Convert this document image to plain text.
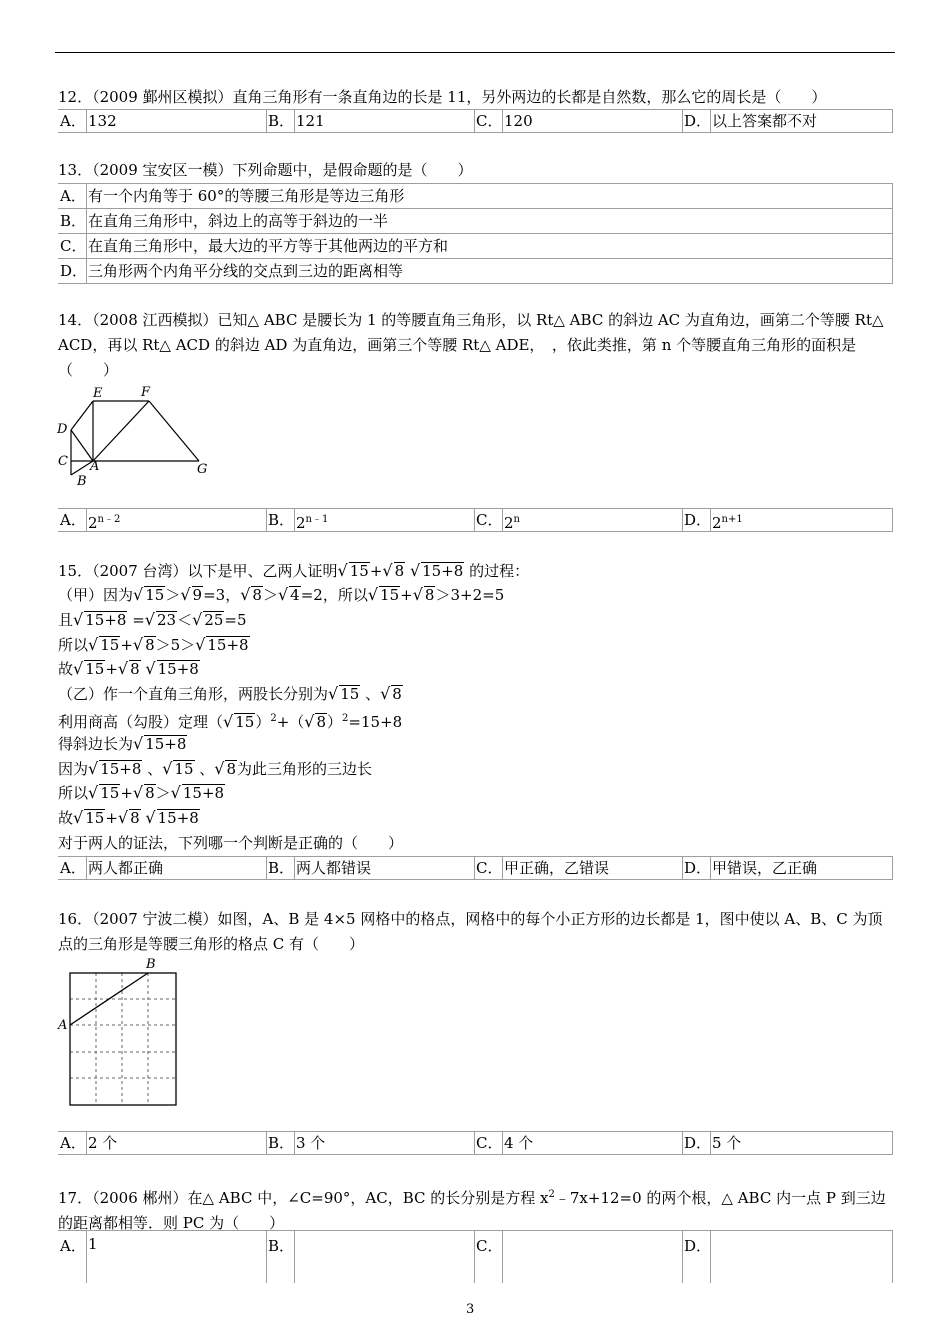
12．（2009 鄞州区模拟）直角三角形有一条直角边的长是 11，另外两边的长都是自然数，那么它的周长是（　　）
A． 132	B． 121	C． 120	D． 以上答案都不对
13．（2009 宝安区一模）下列命题中，是假命题的是（　　）
A． 有一个内角等于 60°的等腰三角形是等边三角形
B． 在直角三角形中，斜边上的高等于斜边的一半
C． 在直角三角形中，最大边的平方等于其他两边的平方和
D． 三角形两个内角平分线的交点到三边的距离相等
14．（2008 江西模拟）已知△ ABC 是腰长为 1 的等腰直角三角形，以 Rt△ ABC 的斜边 AC 为直角边，画第二个等腰 Rt△ ACD，再以 Rt△ ACD 的斜边 AD 为直角边，画第三个等腰 Rt△ ADE，　，依此类推，第 n 个等腰直角三角形的面积是（　　）
E	F
D
C A
B
G
A． $2^{n﹣2}$	B． $2^{n﹣1}$	C． 2$^n$	D． $2^{n+1}$
15．（2007 台湾）以下是甲、乙两人证明√ 15+√ 8 √ 15+8 的过程：
（甲）因为√ 15＞√ 9=3，√ 8＞√ 4=2，所以√ 15+√ 8＞3+2=5
且√ 15+8 =√ 23＜√ 25=5
所以√ 15+√ 8＞5＞√ 15+8
故√ 15+√ 8 √ 15+8
（乙）作一个直角三角形，两股长分别为√ 15 、√ 8
利用商高（勾股）定理（√ 15）$^2$+（√ 8）$^2$=15+8
得斜边长为√ 15+8
因为√ 15+8 、√ 15 、√ 8为此三角形的三边长
所以√ 15+√ 8＞√ 15+8
故√ 15+√ 8 √ 15+8
对于两人的证法，下列哪一个判断是正确的（　　）
A． 两人都正确	B． 两人都错误	C． 甲正确，乙错误	D． 甲错误，乙正确
16．（2007 宁波二模）如图，A、B 是 4×5 网格中的格点，网格中的每个小正方形的边长都是 1，图中使以 A、B、C 为顶点的三角形是等腰三角形的格点 C 有（　　）
B
A
A． 2 个	B． 3 个	C． 4 个	D． 5 个
17．（2006 郴州）在△ ABC 中，∠C=90°，AC，BC 的长分别是方程 $x^2﹣7x+12=0$ 的两个根，△ ABC 内一点 P 到三边的距离都相等．则 PC 为（　　）
A． 1	B．	C．	D．
3
